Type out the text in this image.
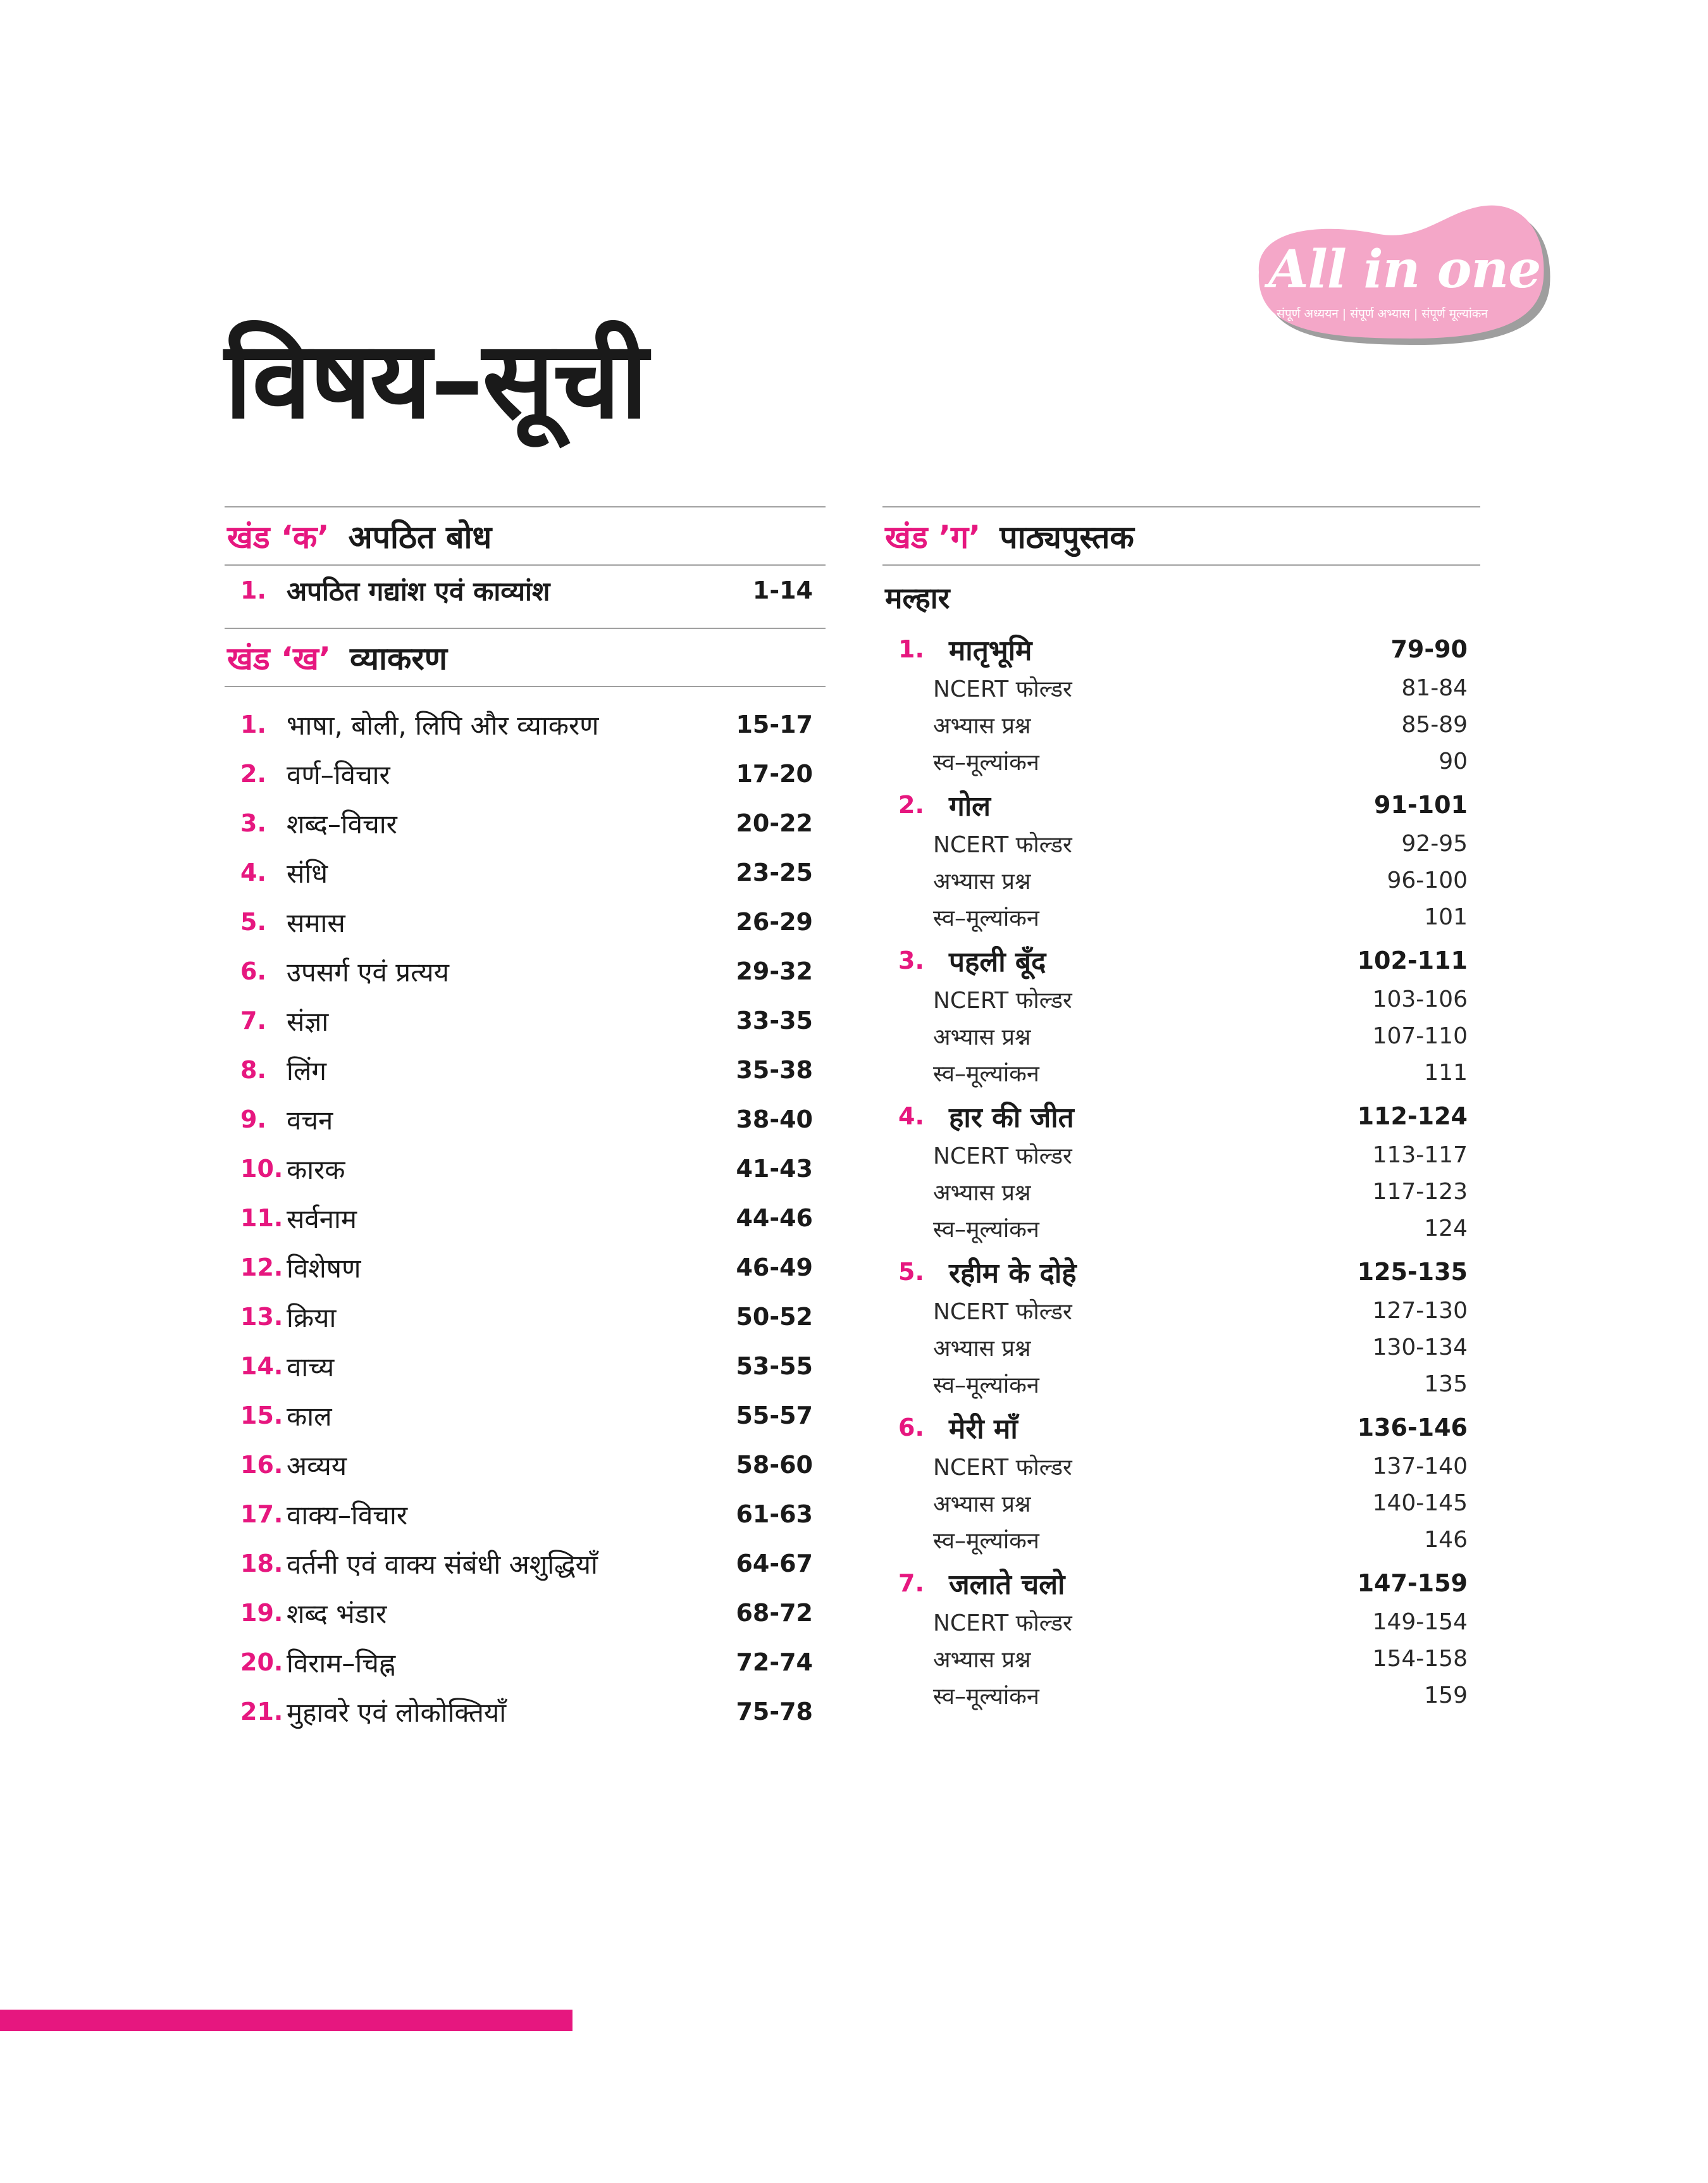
All in one
संपूर्ण अध्ययन | संपूर्ण अभ्यास | संपूर्ण मूल्यांकन
विषय–सूची
खंड ‘क’ अपठित बोध
1. अपठित गद्यांश एवं काव्यांश	1-14
खंड ‘ख’ व्याकरण
1. भाषा, बोली, लिपि और व्याकरण	15-17
2. वर्ण–विचार	17-20
3. शब्द–विचार	20-22
4. संधि	23-25
5. समास	26-29
6. उपसर्ग एवं प्रत्यय	29-32
7. संज्ञा	33-35
8. लिंग	35-38
9. वचन	38-40
10. कारक	41-43
11. सर्वनाम	44-46
12. विशेषण	46-49
13. क्रिया	50-52
14. वाच्य	53-55
15. काल	55-57
16. अव्यय	58-60
17. वाक्य–विचार	61-63
18. वर्तनी एवं वाक्य संबंधी अशुद्धियाँ	64-67
19. शब्द भंडार	68-72
20. विराम–चिह्न	72-74
21. मुहावरे एवं लोकोक्तियाँ	75-78
खंड ’ग’ पाठ्यपुस्तक
मल्हार
1. मातृभूमि	79-90
NCERT फोल्डर	81-84
अभ्यास प्रश्न	85-89
स्व–मूल्यांकन	90
2. गोल	91-101
NCERT फोल्डर	92-95
अभ्यास प्रश्न	96-100
स्व–मूल्यांकन	101
3. पहली बूँद	102-111
NCERT फोल्डर	103-106
अभ्यास प्रश्न	107-110
स्व–मूल्यांकन	111
4. हार की जीत	112-124
NCERT फोल्डर	113-117
अभ्यास प्रश्न	117-123
स्व–मूल्यांकन	124
5. रहीम के दोहे	125-135
NCERT फोल्डर	127-130
अभ्यास प्रश्न	130-134
स्व–मूल्यांकन	135
6. मेरी माँ	136-146
NCERT फोल्डर	137-140
अभ्यास प्रश्न	140-145
स्व–मूल्यांकन	146
7. जलाते चलो	147-159
NCERT फोल्डर	149-154
अभ्यास प्रश्न	154-158
स्व–मूल्यांकन	159
